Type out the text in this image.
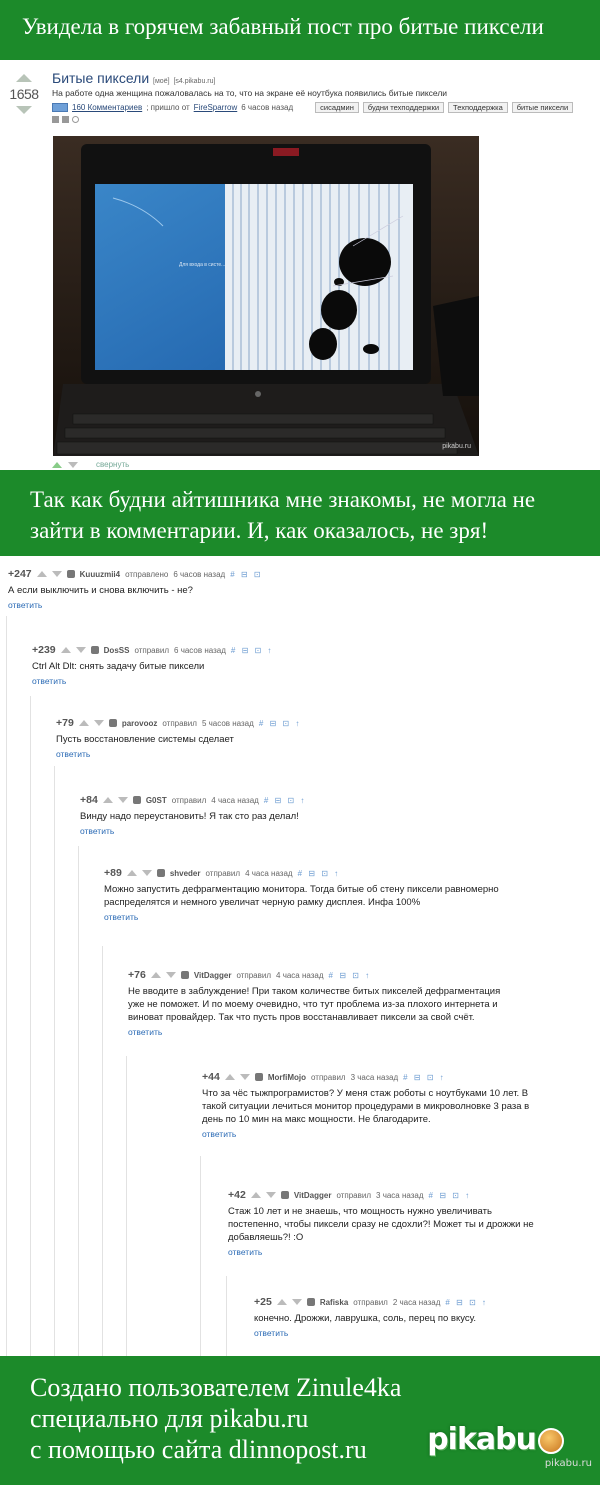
Увидела в горячем забавный пост про битые пиксели
1658
Битые пиксели [моё] [s4.pikabu.ru]
На работе одна женщина пожаловалась на то, что на экране её ноутбука появились битые пиксели
160 Комментариев ; пришло от FireSparrow 6 часов назад	сисадмин	будни техподдержки	Техподдержка	битые пиксели
Для входа в систе...
pikabu.ru
свернуть
Так как будни айтишника мне знакомы, не могла не зайти в комментарии. И, как оказалось, не зря!
+247	Kuuuzmii4 отправлено 6 часов назад # ⊟ ⊡
А если выключить и снова включить - не?
ответить
+239	DosSS отправил 6 часов назад # ⊟ ⊡ ↑
Ctrl Alt Dlt: снять задачу битые пиксели
ответить
+79	parovooz отправил 5 часов назад # ⊟ ⊡ ↑
Пусть восстановление системы сделает
ответить
+84	G0ST отправил 4 часа назад # ⊟ ⊡ ↑
Винду надо переустановить! Я так сто раз делал!
ответить
+89	shveder отправил 4 часа назад # ⊟ ⊡ ↑
Можно запустить дефрагментацию монитора. Тогда битые об стену пиксели равномерно распределятся и немного увеличат черную рамку дисплея. Инфа 100%
ответить
+76	VitDagger отправил 4 часа назад # ⊟ ⊡ ↑
Не вводите в заблуждение! При таком количестве битых пикселей дефрагментация уже не поможет. И по моему очевидно, что тут проблема из-за плохого интернета и виноват провайдер. Так что пусть пров восстанавливает пиксели за свой счёт.
ответить
+44	MorfiMojo отправил 3 часа назад # ⊟ ⊡ ↑
Что за чёс тыжпрограмистов? У меня стаж роботы с ноутбуками 10 лет. В такой ситуации лечиться монитор процедурами в микроволновке 3 раза в день по 10 мин на макс мощности. Не благодарите.
ответить
+42	VitDagger отправил 3 часа назад # ⊟ ⊡ ↑
Стаж 10 лет и не знаешь, что мощность нужно увеличивать постепенно, чтобы пиксели сразу не сдохли?! Может ты и дрожжи не добавляешь?! :О
ответить
+25	Rafiska отправил 2 часа назад # ⊟ ⊡ ↑
конечно. Дрожжи, лаврушка, соль, перец по вкусу.
ответить
Создано пользователем Zinule4ka
специально для pikabu.ru
с помощью сайта dlinnopost.ru	pikabu
pikabu.ru
